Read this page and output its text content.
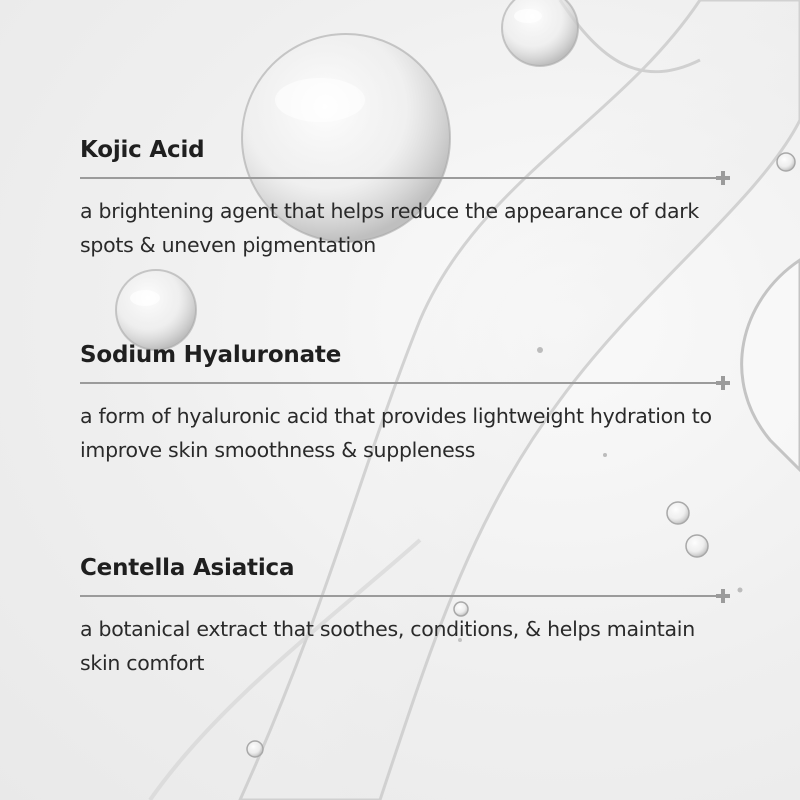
Kojic Acid

a brightening agent that helps reduce the appearance of dark spots & uneven pigmentation

Sodium Hyaluronate

a form of hyaluronic acid that provides lightweight hydration to improve skin smoothness & suppleness

Centella Asiatica

a botanical extract that soothes, conditions, & helps maintain skin comfort
